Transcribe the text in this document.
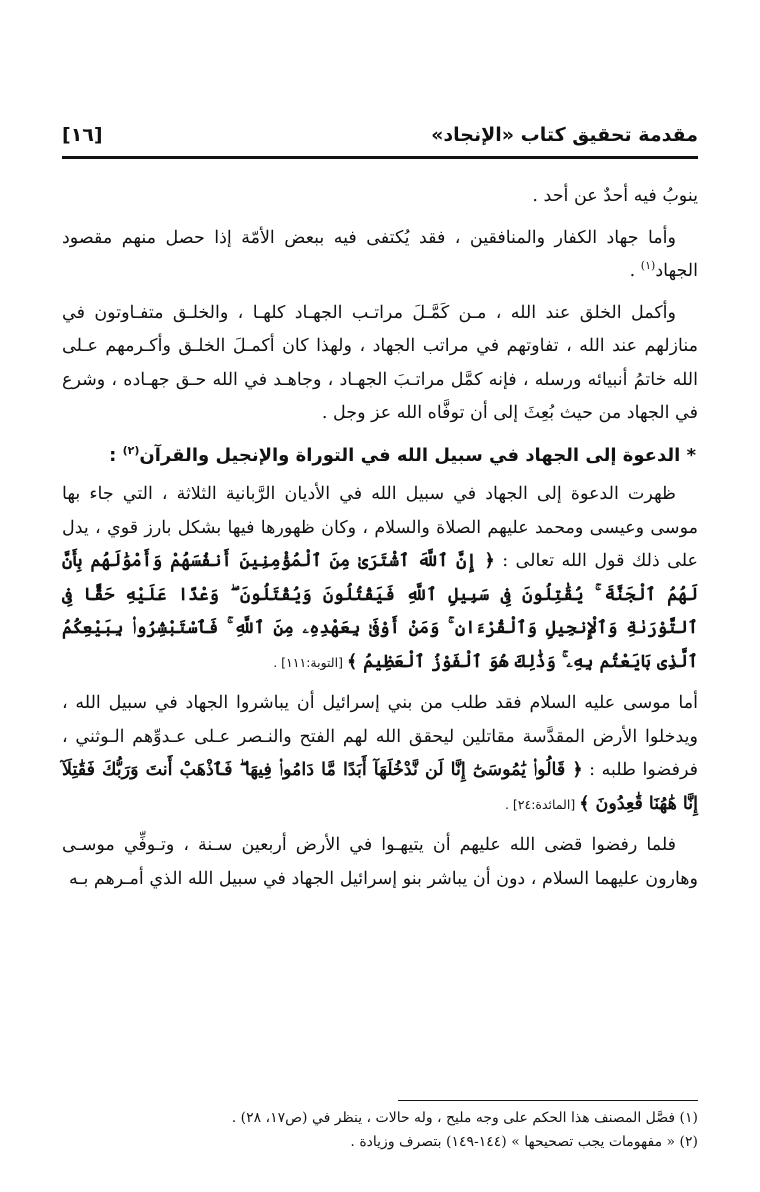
مقدمة تحقيق كتاب «الإنجاد»
[١٦]

ينوبُ فيه أحدٌ عن أحد .

وأما جهاد الكفار والمنافقين ، فقد يُكتفى فيه ببعض الأمّة إذا حصل منهم مقصود الجهاد$^{(١)}$ .

وأكمل الخلق عند الله ، مـن كَمَّـلَ مراتـب الجهـاد كلهـا ، والخلـق متفـاوتون في منازلهم عند الله ، تفاوتهم في مراتب الجهاد ، ولهذا كان أكمـلَ الخلـق وأكـرمهم عـلى الله خاتمُ أنبيائه ورسله ، فإنه كمَّل مراتـبَ الجهـاد ، وجاهـد في الله حـق جهـاده ، وشرع في الجهاد من حيث بُعِثَ إلى أن توفَّاه الله عز وجل .

* الدعوة إلى الجهاد في سبيل الله في التوراة والإنجيل والقرآن$^{(٢)}$ :

ظهرت الدعوة إلى الجهاد في سبيل الله في الأديان الرَّبانية الثلاثة ، التي جاء بها موسى وعيسى ومحمد عليهم الصلاة والسلام ، وكان ظهورها فيها بشكل بارز قوي ، يدل على ذلك قول الله تعالى : ﴿ إِنَّ ٱللَّهَ ٱشْتَرَىٰ مِنَ ٱلْمُؤْمِنِينَ أَنفُسَهُمْ وَأَمْوَٰلَهُم بِأَنَّ لَهُمُ ٱلْجَنَّةَ ۚ يُقَٰتِلُونَ فِى سَبِيلِ ٱللَّهِ فَيَقْتُلُونَ وَيُقْتَلُونَ ۖ وَعْدًا عَلَيْهِ حَقًّا فِى ٱلتَّوْرَىٰةِ وَٱلْإِنجِيلِ وَٱلْقُرْءَانِ ۚ وَمَنْ أَوْفَىٰ بِعَهْدِهِۦ مِنَ ٱللَّهِ ۚ فَٱسْتَبْشِرُوا۟ بِبَيْعِكُمُ ٱلَّذِى بَايَعْتُم بِهِۦ ۚ وَذَٰلِكَ هُوَ ٱلْفَوْزُ ٱلْعَظِيمُ ﴾ [التوبة:١١١] .

أما موسى عليه السلام فقد طلب من بني إسرائيل أن يباشروا الجهاد في سبيل الله ، ويدخلوا الأرض المقدَّسة مقاتلين ليحقق الله لهم الفتح والنـصر عـلى عـدوِّهم الـوثني ، فرفضوا طلبه : ﴿ قَالُوا۟ يَٰمُوسَىٰٓ إِنَّا لَن نَّدْخُلَهَآ أَبَدًا مَّا دَامُوا۟ فِيهَا ۖ فَٱذْهَبْ أَنتَ وَرَبُّكَ فَقَٰتِلَآ إِنَّا هَٰهُنَا قَٰعِدُونَ ﴾ [المائدة:٢٤] .

فلما رفضوا قضى الله عليهم أن يتيهـوا في الأرض أربعين سـنة ، وتـوفِّي موسـى وهارون عليهما السلام ، دون أن يباشر بنو إسرائيل الجهاد في سبيل الله الذي أمـرهم بـه

(١) فصَّل المصنف هذا الحكم على وجه مليح ، وله حالات ، ينظر في (ص١٧، ٢٨) .
(٢) « مفهومات يجب تصحيحها » (١٤٤-١٤٩) بتصرف وزيادة .
